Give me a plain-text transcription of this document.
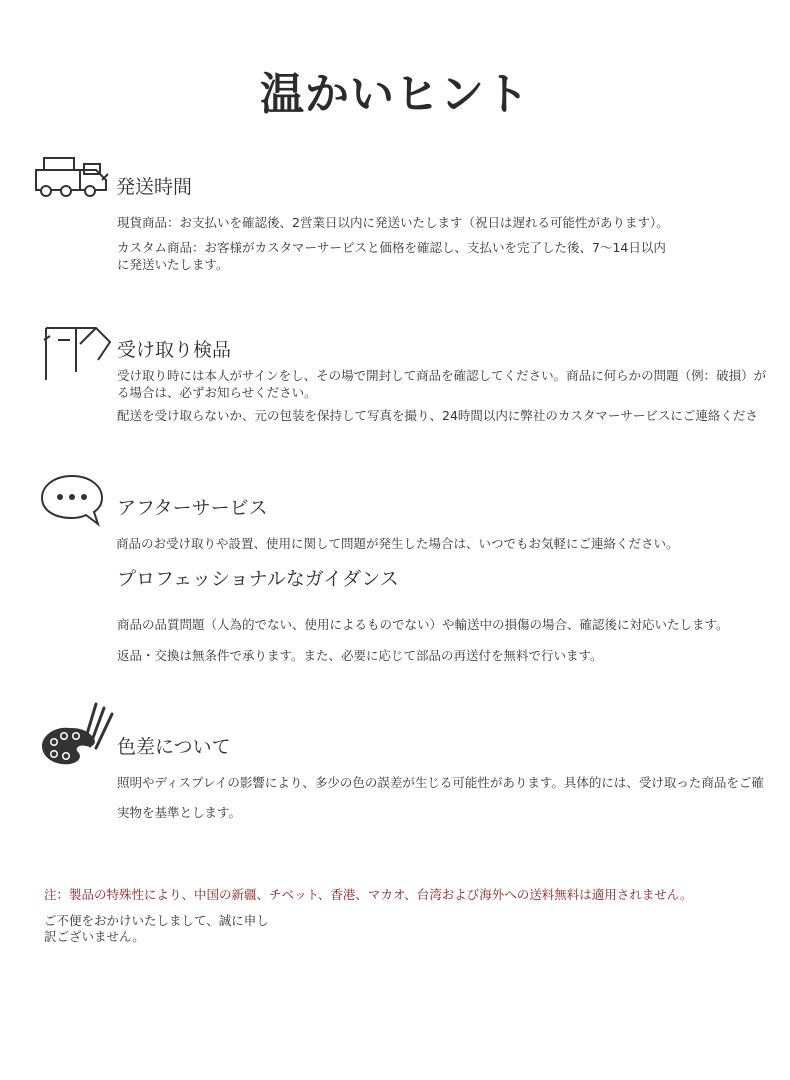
温かいヒント
発送時間
現貨商品：お支払いを確認後、2営業日以内に発送いたします（祝日は遅れる可能性があります）。
カスタム商品：お客様がカスタマーサービスと価格を確認し、支払いを完了した後、7〜14日以内
に発送いたします。
受け取り検品
受け取り時には本人がサインをし、その場で開封して商品を確認してください。商品に何らかの問題（例：破損）が
る場合は、必ずお知らせください。
配送を受け取らないか、元の包装を保持して写真を撮り、24時間以内に弊社のカスタマーサービスにご連絡くださ
アフターサービス
商品のお受け取りや設置、使用に関して問題が発生した場合は、いつでもお気軽にご連絡ください。
プロフェッショナルなガイダンス
商品の品質問題（人為的でない、使用によるものでない）や輸送中の損傷の場合、確認後に対応いたします。
返品・交換は無条件で承ります。また、必要に応じて部品の再送付を無料で行います。
色差について
照明やディスプレイの影響により、多少の色の誤差が生じる可能性があります。具体的には、受け取った商品をご確
実物を基準とします。
注：製品の特殊性により、中国の新疆、チベット、香港、マカオ、台湾および海外への送料無料は適用されません。
ご不便をおかけいたしまして、誠に申し
訳ございません。
